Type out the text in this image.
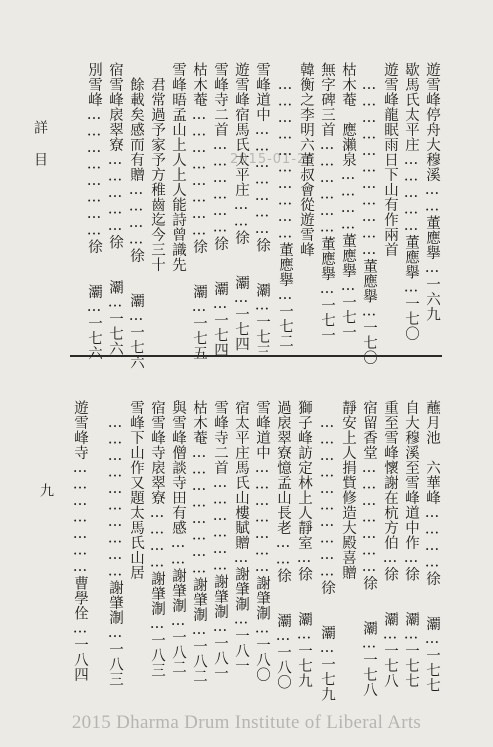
詳　目	2015-01-26	遊雪峰停舟大穆溪……董應擧…一六九
歇馬氏太平庄……………董應擧…一七〇
遊雪峰龍眠雨日下山有作兩首
……………………………董應擧…一七〇
枯木菴　應瀨泉…………董應擧…一七一
無字碑三首………………董應擧…一七一
韓衡之李明六董叔會從遊雪峰
…………………………董應擧…一七二
雪峰道中…………………徐　　㶚…一七三
遊雪峰宿馬氏太平庄……徐　　㶚…一七四
雪峰寺二首………………徐　　㶚…一七四
枯木菴……………………徐　　㶚…一七五
雪峰晤孟山上人上人能詩曾識先
君常過予家予方稚齒迄今三十
餘載矣感而有贈…………徐　　㶚…一七六
宿雪峰扆翠寮……………徐　　㶚…一七六
別雪峰……………………徐　　㶚…一七六
蘸月池　六華峰…………徐　　㶚…一七七
自大穆溪至雪峰道中作…徐　　㶚…一七七
重至雪峰懷謝在杭方伯…徐　　㶚…一七八
宿留香堂…………………徐　　㶚…一七八
靜安上人捐貲修造大殿喜贈
…………………………徐　　㶚…一七九
獅子峰訪定林上人靜室…徐　　㶚…一七九
過扆翠寮憶孟山長老……徐　　㶚…一八〇
雪峰道中…………………謝肇淛…一八〇
宿太平庄馬氏山樓賦贈…謝肇淛…一八一
雪峰寺二首………………謝肇淛…一八一
枯木菴……………………謝肇淛…一八二
與雪峰僧談寺田有感……謝肇淛…一八二
宿雪峰寺扆翠寮…………謝肇淛…一八三
雪峰下山作又題太馬氏山居
…………………………謝肇淛…一八三
遊雪峰寺…………………曹學佺…一八四
九
2015 Dharma Drum Institute of Liberal Arts
